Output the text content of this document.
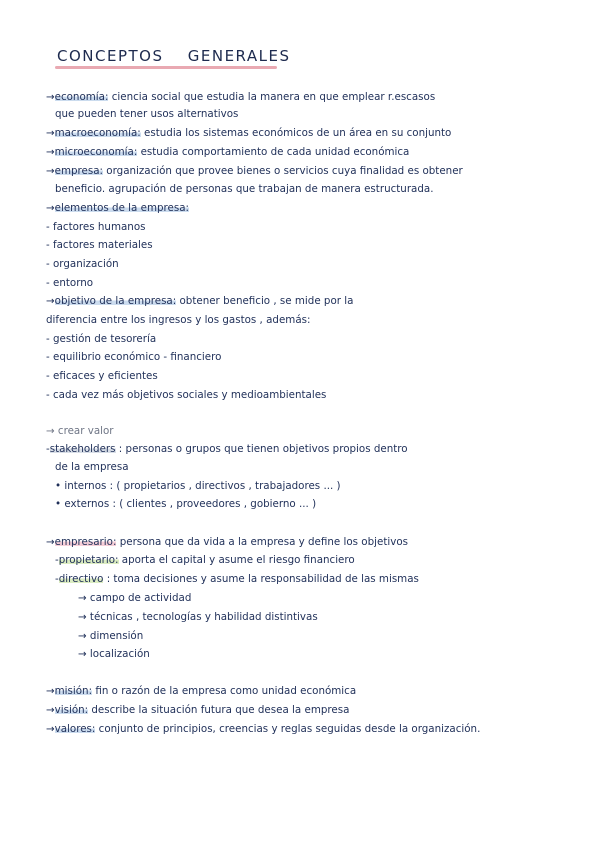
CONCEPTOS GENERALES
→economía: ciencia social que estudia la manera en que emplear r.escasos
que pueden tener usos alternativos
→macroeconomía: estudia los sistemas económicos de un área en su conjunto
→microeconomía: estudia comportamiento de cada unidad económica
→empresa: organización que provee bienes o servicios cuya finalidad es obtener
beneficio. agrupación de personas que trabajan de manera estructurada.
→elementos de la empresa:
- factores humanos
- factores materiales
- organización
- entorno
→objetivo de la empresa: obtener beneficio , se mide por la
diferencia entre los ingresos y los gastos , además:
- gestión de tesorería
- equilibrio económico - financiero
- eficaces y eficientes
- cada vez más objetivos sociales y medioambientales
→ crear valor
-stakeholders : personas o grupos que tienen objetivos propios dentro
de la empresa
• internos : ( propietarios , directivos , trabajadores ... )
• externos : ( clientes , proveedores , gobierno ... )
→empresario: persona que da vida a la empresa y define los objetivos
-propietario: aporta el capital y asume el riesgo financiero
-directivo : toma decisiones y asume la responsabilidad de las mismas
→ campo de actividad
→ técnicas , tecnologías y habilidad distintivas
→ dimensión
→ localización
→misión: fin o razón de la empresa como unidad económica
→visión: describe la situación futura que desea la empresa
→valores: conjunto de principios, creencias y reglas seguidas desde la organización.
